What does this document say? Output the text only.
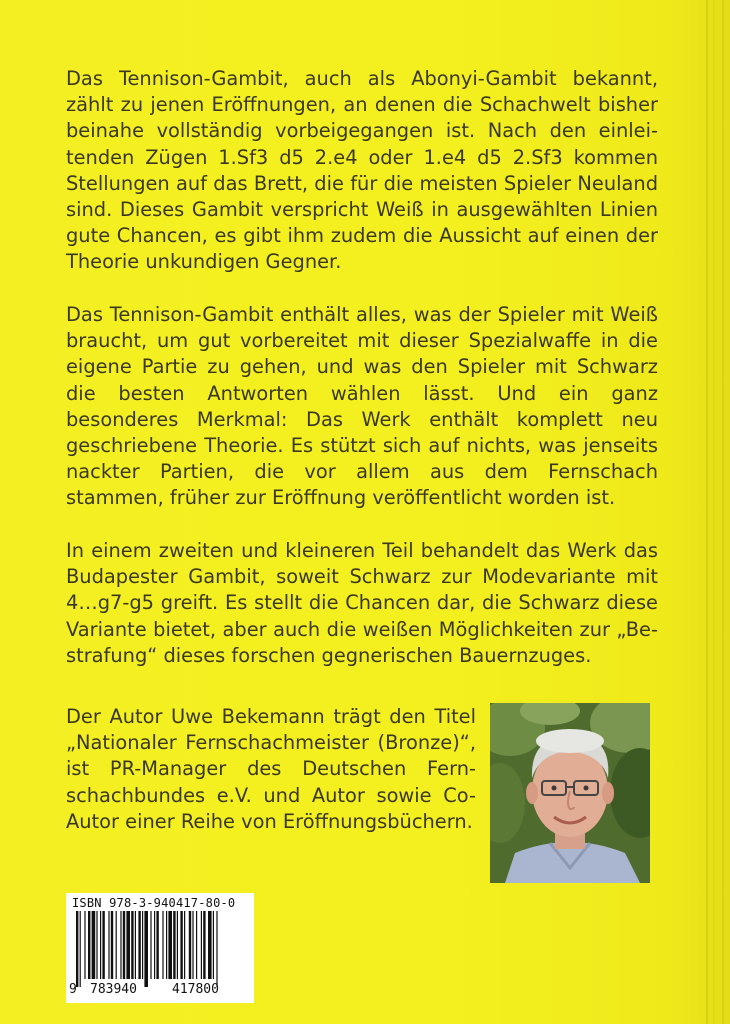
Das Tennison-Gambit, auch als Abonyi-Gambit bekannt, zählt zu jenen Eröffnungen, an denen die Schachwelt bisher beinahe vollständig vorbeigegangen ist. Nach den einleitenden Zügen 1.Sf3 d5 2.e4 oder 1.e4 d5 2.Sf3 kommen Stellungen auf das Brett, die für die meisten Spieler Neuland sind. Dieses Gambit verspricht Weiß in ausgewählten Linien gute Chancen, es gibt ihm zudem die Aussicht auf einen der Theorie unkundigen Gegner.

Das Tennison-Gambit enthält alles, was der Spieler mit Weiß braucht, um gut vorbereitet mit dieser Spezialwaffe in die eigene Partie zu gehen, und was den Spieler mit Schwarz die besten Antworten wählen lässt. Und ein ganz besonderes Merkmal: Das Werk enthält komplett neu geschriebene Theorie. Es stützt sich auf nichts, was jenseits nackter Partien, die vor allem aus dem Fernschach stammen, früher zur Eröffnung veröffentlicht worden ist.

In einem zweiten und kleineren Teil behandelt das Werk das Budapester Gambit, soweit Schwarz zur Modevariante mit 4…g7-g5 greift. Es stellt die Chancen dar, die Schwarz diese Variante bietet, aber auch die weißen Möglichkeiten zur „Bestrafung“ dieses forschen gegnerischen Bauernzuges.

Der Autor Uwe Bekemann trägt den Titel „Nationaler Fernschachmeister (Bronze)“, ist PR-Manager des Deutschen Fernschachbundes e.V. und Autor sowie Co-Autor einer Reihe von Eröffnungsbüchern.

ISBN 978-3-940417-80-0
9 783940	417800
